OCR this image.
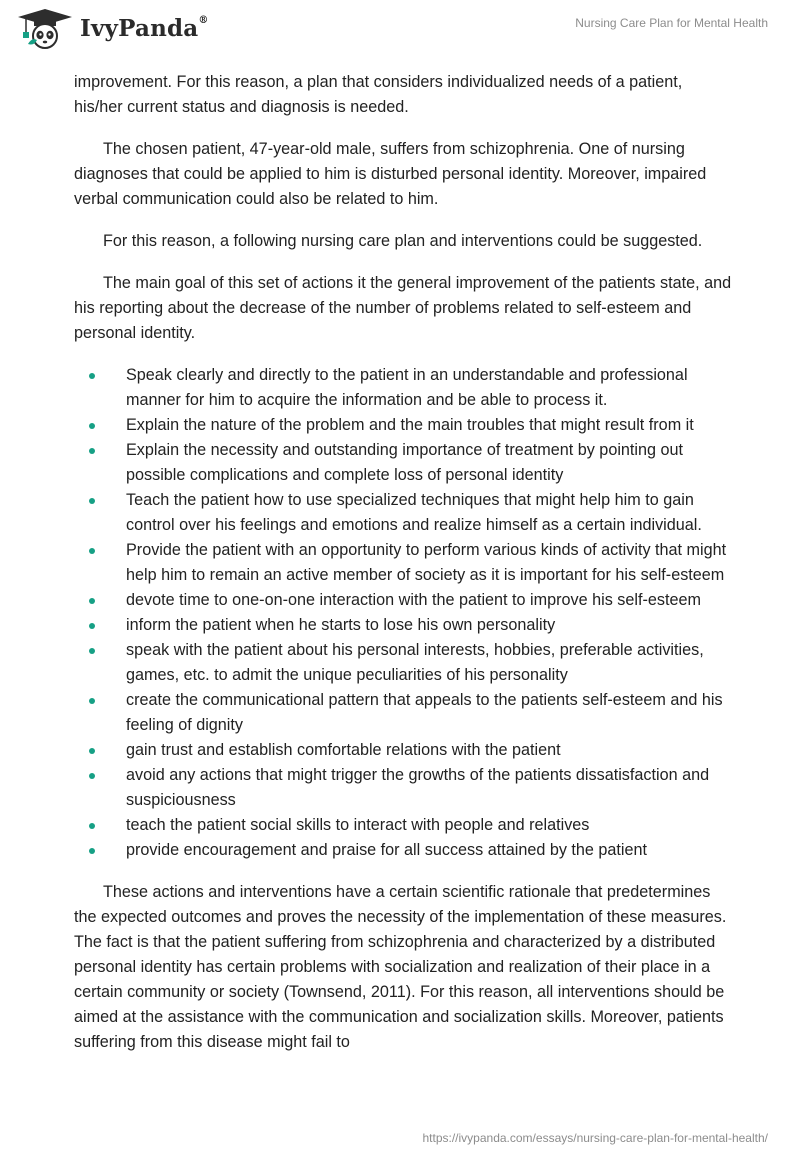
IvyPanda®	Nursing Care Plan for Mental Health

improvement. For this reason, a plan that considers individualized needs of a patient, his/her current status and diagnosis is needed.

The chosen patient, 47-year-old male, suffers from schizophrenia. One of nursing diagnoses that could be applied to him is disturbed personal identity. Moreover, impaired verbal communication could also be related to him.

For this reason, a following nursing care plan and interventions could be suggested.

The main goal of this set of actions it the general improvement of the patients state, and his reporting about the decrease of the number of problems related to self-esteem and personal identity.

Speak clearly and directly to the patient in an understandable and professional manner for him to acquire the information and be able to process it.
Explain the nature of the problem and the main troubles that might result from it
Explain the necessity and outstanding importance of treatment by pointing out possible complications and complete loss of personal identity
Teach the patient how to use specialized techniques that might help him to gain control over his feelings and emotions and realize himself as a certain individual.
Provide the patient with an opportunity to perform various kinds of activity that might help him to remain an active member of society as it is important for his self-esteem
devote time to one-on-one interaction with the patient to improve his self-esteem
inform the patient when he starts to lose his own personality
speak with the patient about his personal interests, hobbies, preferable activities, games, etc. to admit the unique peculiarities of his personality
create the communicational pattern that appeals to the patients self-esteem and his feeling of dignity
gain trust and establish comfortable relations with the patient
avoid any actions that might trigger the growths of the patients dissatisfaction and suspiciousness
teach the patient social skills to interact with people and relatives
provide encouragement and praise for all success attained by the patient

These actions and interventions have a certain scientific rationale that predetermines the expected outcomes and proves the necessity of the implementation of these measures. The fact is that the patient suffering from schizophrenia and characterized by a distributed personal identity has certain problems with socialization and realization of their place in a certain community or society (Townsend, 2011). For this reason, all interventions should be aimed at the assistance with the communication and socialization skills. Moreover, patients suffering from this disease might fail to

https://ivypanda.com/essays/nursing-care-plan-for-mental-health/
